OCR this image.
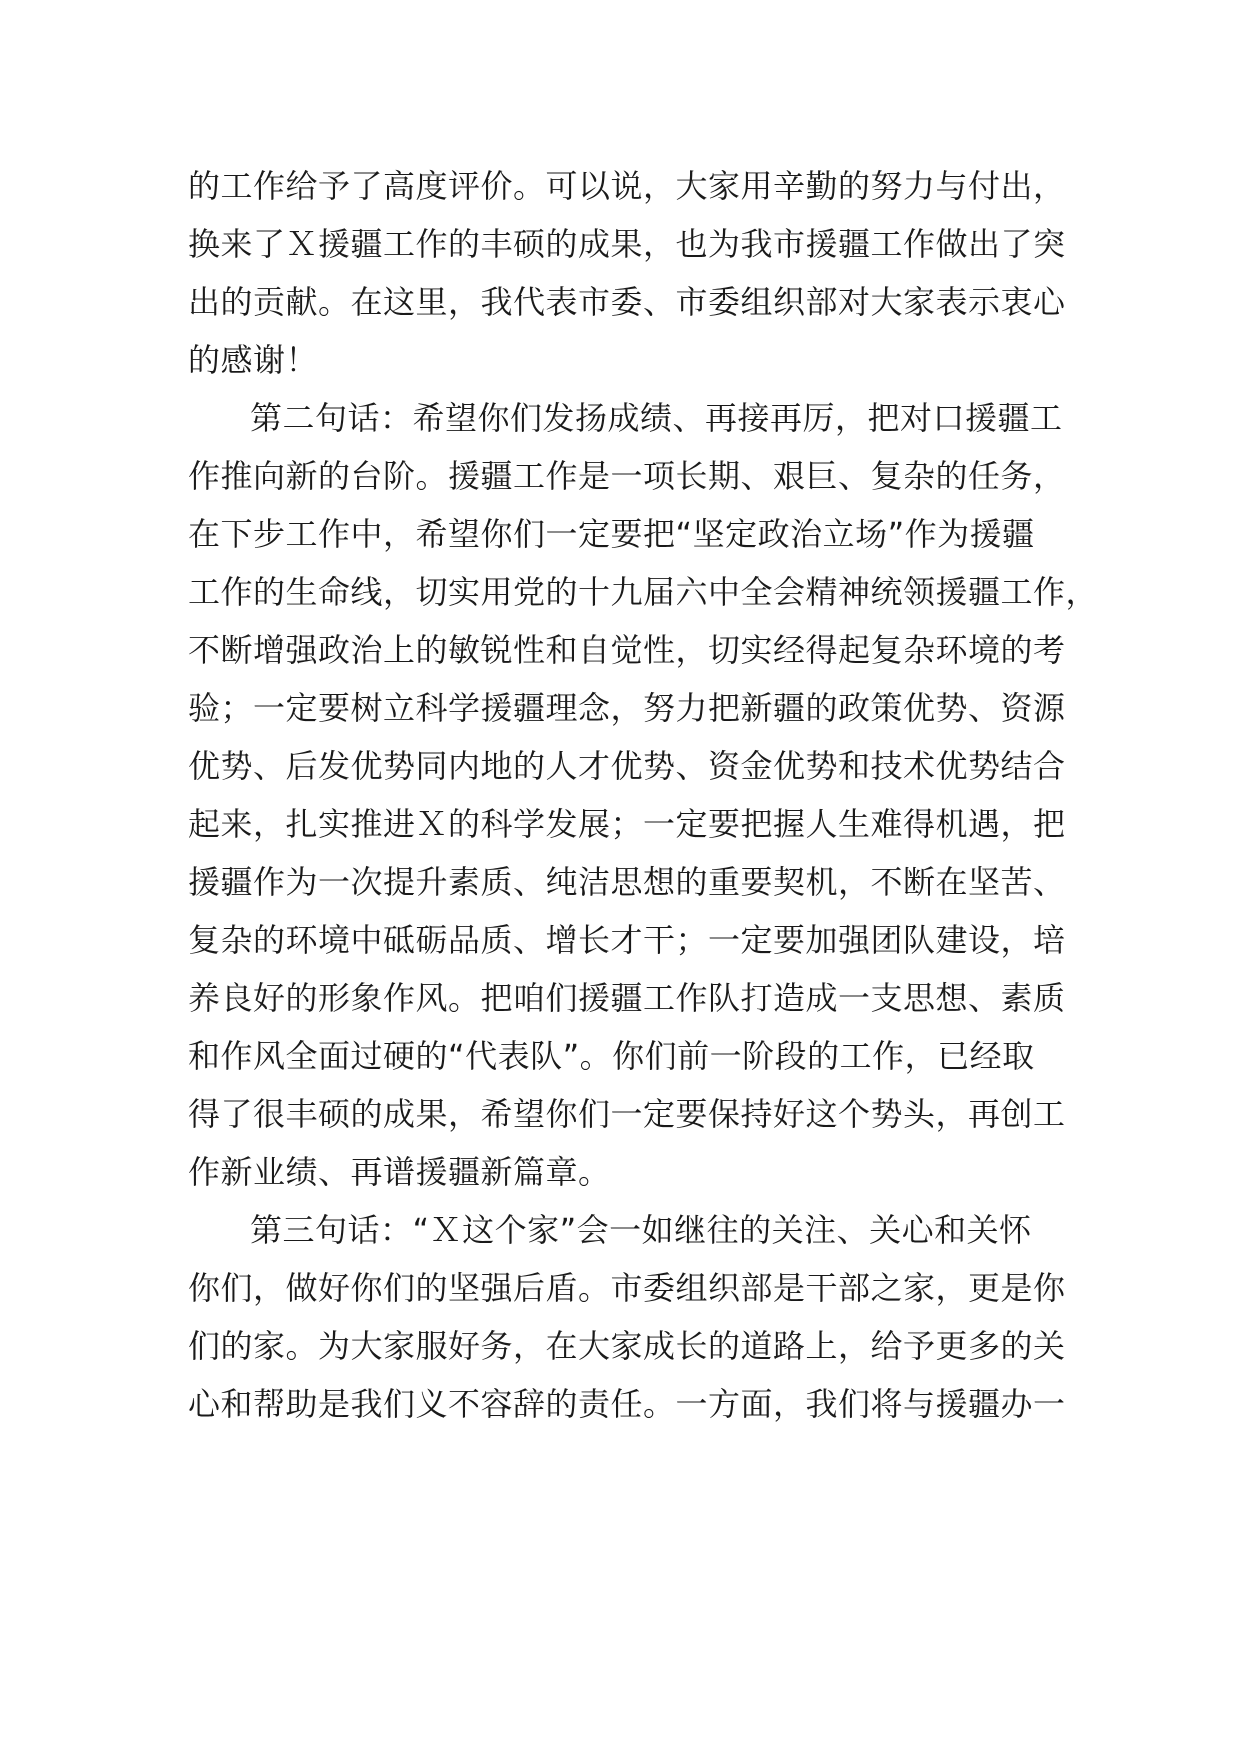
的工作给予了高度评价。可以说，大家用辛勤的努力与付出，
换来了Ｘ援疆工作的丰硕的成果，也为我市援疆工作做出了突
出的贡献。在这里，我代表市委、市委组织部对大家表示衷心
的感谢！
第二句话：希望你们发扬成绩、再接再厉，把对口援疆工
作推向新的台阶。援疆工作是一项长期、艰巨、复杂的任务，
在下步工作中，希望你们一定要把“坚定政治立场”作为援疆
工作的生命线，切实用党的十九届六中全会精神统领援疆工作，
不断增强政治上的敏锐性和自觉性，切实经得起复杂环境的考
验；一定要树立科学援疆理念，努力把新疆的政策优势、资源
优势、后发优势同内地的人才优势、资金优势和技术优势结合
起来，扎实推进Ｘ的科学发展；一定要把握人生难得机遇，把
援疆作为一次提升素质、纯洁思想的重要契机，不断在坚苦、
复杂的环境中砥砺品质、增长才干；一定要加强团队建设，培
养良好的形象作风。把咱们援疆工作队打造成一支思想、素质
和作风全面过硬的“代表队”。你们前一阶段的工作，已经取
得了很丰硕的成果，希望你们一定要保持好这个势头，再创工
作新业绩、再谱援疆新篇章。
第三句话：“Ｘ这个家”会一如继往的关注、关心和关怀
你们，做好你们的坚强后盾。市委组织部是干部之家，更是你
们的家。为大家服好务，在大家成长的道路上，给予更多的关
心和帮助是我们义不容辞的责任。一方面，我们将与援疆办一
